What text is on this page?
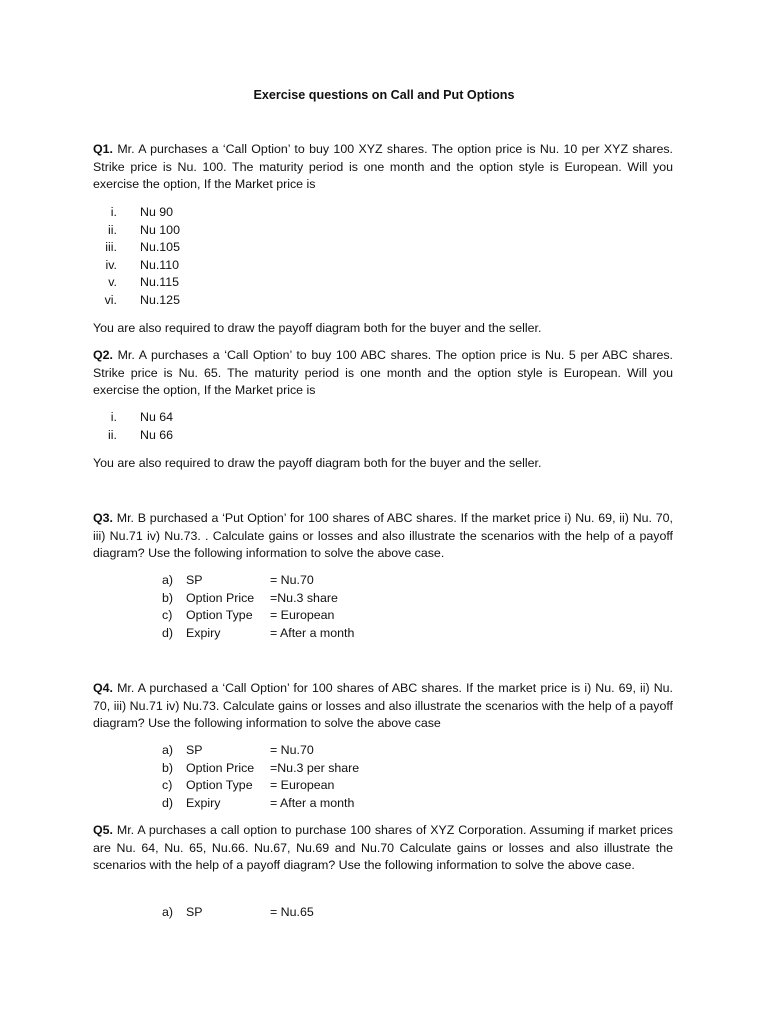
Exercise questions on Call and Put Options
Q1. Mr. A purchases a ‘Call Option’ to buy 100 XYZ shares. The option price is Nu. 10 per XYZ shares. Strike price is Nu. 100. The maturity period is one month and the option style is European. Will you exercise the option, If the Market price is
i. Nu 90
ii. Nu 100
iii. Nu.105
iv. Nu.110
v. Nu.115
vi. Nu.125
You are also required to draw the payoff diagram both for the buyer and the seller.
Q2. Mr. A purchases a ‘Call Option’ to buy 100 ABC shares. The option price is Nu. 5 per ABC shares. Strike price is Nu. 65. The maturity period is one month and the option style is European. Will you exercise the option, If the Market price is
i. Nu 64
ii. Nu 66
You are also required to draw the payoff diagram both for the buyer and the seller.
Q3. Mr. B purchased a ‘Put Option’ for 100 shares of ABC shares. If the market price i) Nu. 69, ii) Nu. 70, iii) Nu.71 iv) Nu.73. . Calculate gains or losses and also illustrate the scenarios with the help of a payoff diagram? Use the following information to solve the above case.
a) SP	= Nu.70
b) Option Price =Nu.3 share
c) Option Type = European
d) Expiry	= After a month
Q4. Mr. A purchased a ‘Call Option’ for 100 shares of ABC shares. If the market price is i) Nu. 69, ii) Nu. 70, iii) Nu.71 iv) Nu.73. Calculate gains or losses and also illustrate the scenarios with the help of a payoff diagram? Use the following information to solve the above case
a) SP	= Nu.70
b) Option Price =Nu.3 per share
c) Option Type = European
d) Expiry	= After a month
Q5. Mr. A purchases a call option to purchase 100 shares of XYZ Corporation. Assuming if market prices are Nu. 64, Nu. 65, Nu.66. Nu.67, Nu.69 and Nu.70 Calculate gains or losses and also illustrate the scenarios with the help of a payoff diagram? Use the following information to solve the above case.
a) SP	= Nu.65
